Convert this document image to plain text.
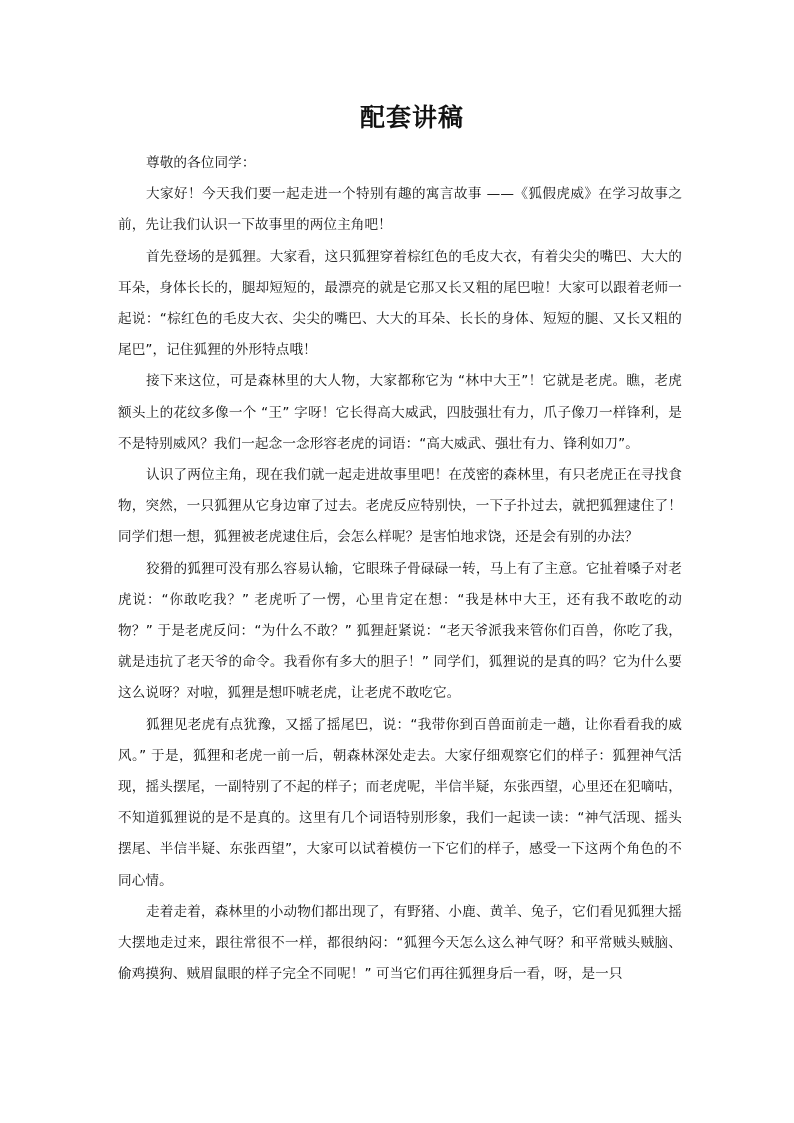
配套讲稿

尊敬的各位同学：

大家好！今天我们要一起走进一个特别有趣的寓言故事 ——《狐假虎威》在学习故事之前，先让我们认识一下故事里的两位主角吧！

首先登场的是狐狸。大家看，这只狐狸穿着棕红色的毛皮大衣，有着尖尖的嘴巴、大大的耳朵，身体长长的，腿却短短的，最漂亮的就是它那又长又粗的尾巴啦！大家可以跟着老师一起说：“棕红色的毛皮大衣、尖尖的嘴巴、大大的耳朵、长长的身体、短短的腿、又长又粗的尾巴”，记住狐狸的外形特点哦！

接下来这位，可是森林里的大人物，大家都称它为 “林中大王”！它就是老虎。瞧，老虎额头上的花纹多像一个 “王” 字呀！它长得高大威武，四肢强壮有力，爪子像刀一样锋利，是不是特别威风？我们一起念一念形容老虎的词语：“高大威武、强壮有力、锋利如刀”。

认识了两位主角，现在我们就一起走进故事里吧！在茂密的森林里，有只老虎正在寻找食物，突然，一只狐狸从它身边窜了过去。老虎反应特别快，一下子扑过去，就把狐狸逮住了！同学们想一想，狐狸被老虎逮住后，会怎么样呢？是害怕地求饶，还是会有别的办法？

狡猾的狐狸可没有那么容易认输，它眼珠子骨碌碌一转，马上有了主意。它扯着嗓子对老虎说：“你敢吃我？” 老虎听了一愣，心里肯定在想：“我是林中大王，还有我不敢吃的动物？” 于是老虎反问：“为什么不敢？” 狐狸赶紧说：“老天爷派我来管你们百兽，你吃了我，就是违抗了老天爷的命令。我看你有多大的胆子！” 同学们，狐狸说的是真的吗？它为什么要这么说呀？对啦，狐狸是想吓唬老虎，让老虎不敢吃它。

狐狸见老虎有点犹豫，又摇了摇尾巴，说：“我带你到百兽面前走一趟，让你看看我的威风。” 于是，狐狸和老虎一前一后，朝森林深处走去。大家仔细观察它们的样子：狐狸神气活现，摇头摆尾，一副特别了不起的样子；而老虎呢，半信半疑，东张西望，心里还在犯嘀咕，不知道狐狸说的是不是真的。这里有几个词语特别形象，我们一起读一读：“神气活现、摇头摆尾、半信半疑、东张西望”，大家可以试着模仿一下它们的样子，感受一下这两个角色的不同心情。

走着走着，森林里的小动物们都出现了，有野猪、小鹿、黄羊、兔子，它们看见狐狸大摇大摆地走过来，跟往常很不一样，都很纳闷：“狐狸今天怎么这么神气呀？和平常贼头贼脑、偷鸡摸狗、贼眉鼠眼的样子完全不同呢！” 可当它们再往狐狸身后一看，呀，是一只
